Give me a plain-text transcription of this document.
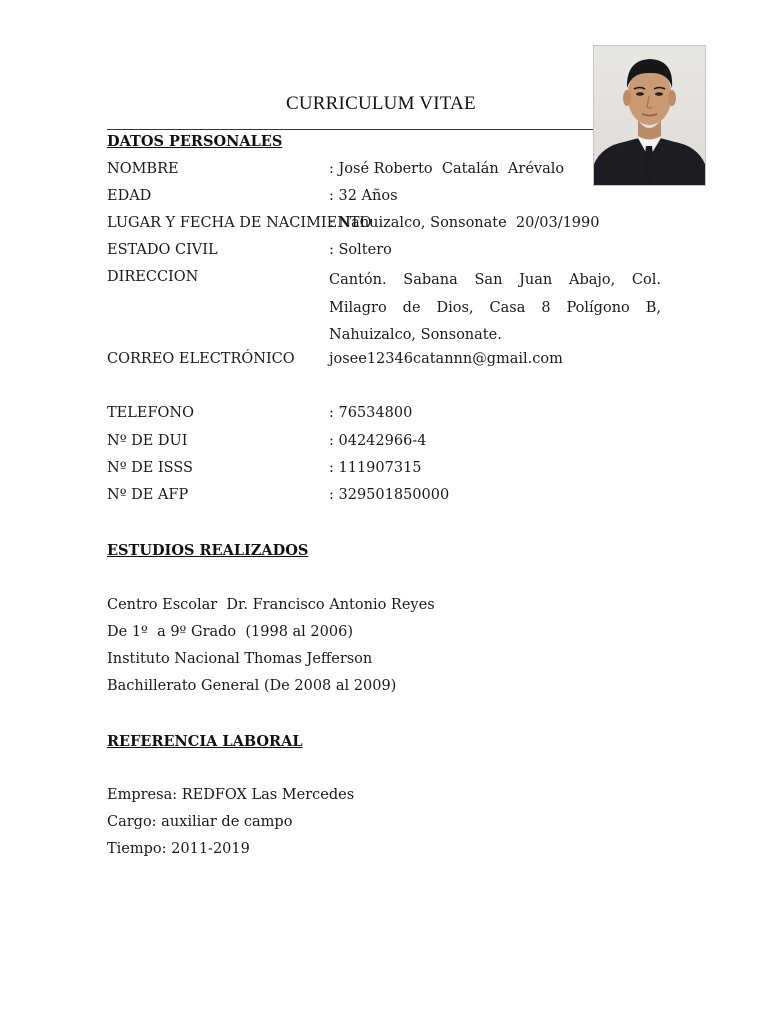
CURRICULUM VITAE
DATOS PERSONALES
NOMBRE	: José Roberto  Catalán  Arévalo
EDAD	: 32 Años
LUGAR Y FECHA DE NACIMIENTO
: Nahuizalco, Sonsonate  20/03/1990
ESTADO CIVIL	: Soltero
DIRECCION	Cantón. Sabana San Juan Abajo, Col. Milagro de Dios, Casa 8 Polígono B, Nahuizalco, Sonsonate.
CORREO ELECTRÓNICO josee12346catannn@gmail.com
TELEFONO	: 76534800
Nº DE DUI	: 04242966-4
Nº DE ISSS	: 111907315
Nº DE AFP	: 329501850000
ESTUDIOS REALIZADOS
Centro Escolar  Dr. Francisco Antonio Reyes
De 1º  a 9º Grado  (1998 al 2006)
Instituto Nacional Thomas Jefferson
Bachillerato General (De 2008 al 2009)
REFERENCIA LABORAL
Empresa: REDFOX Las Mercedes
Cargo: auxiliar de campo
Tiempo: 2011-2019
